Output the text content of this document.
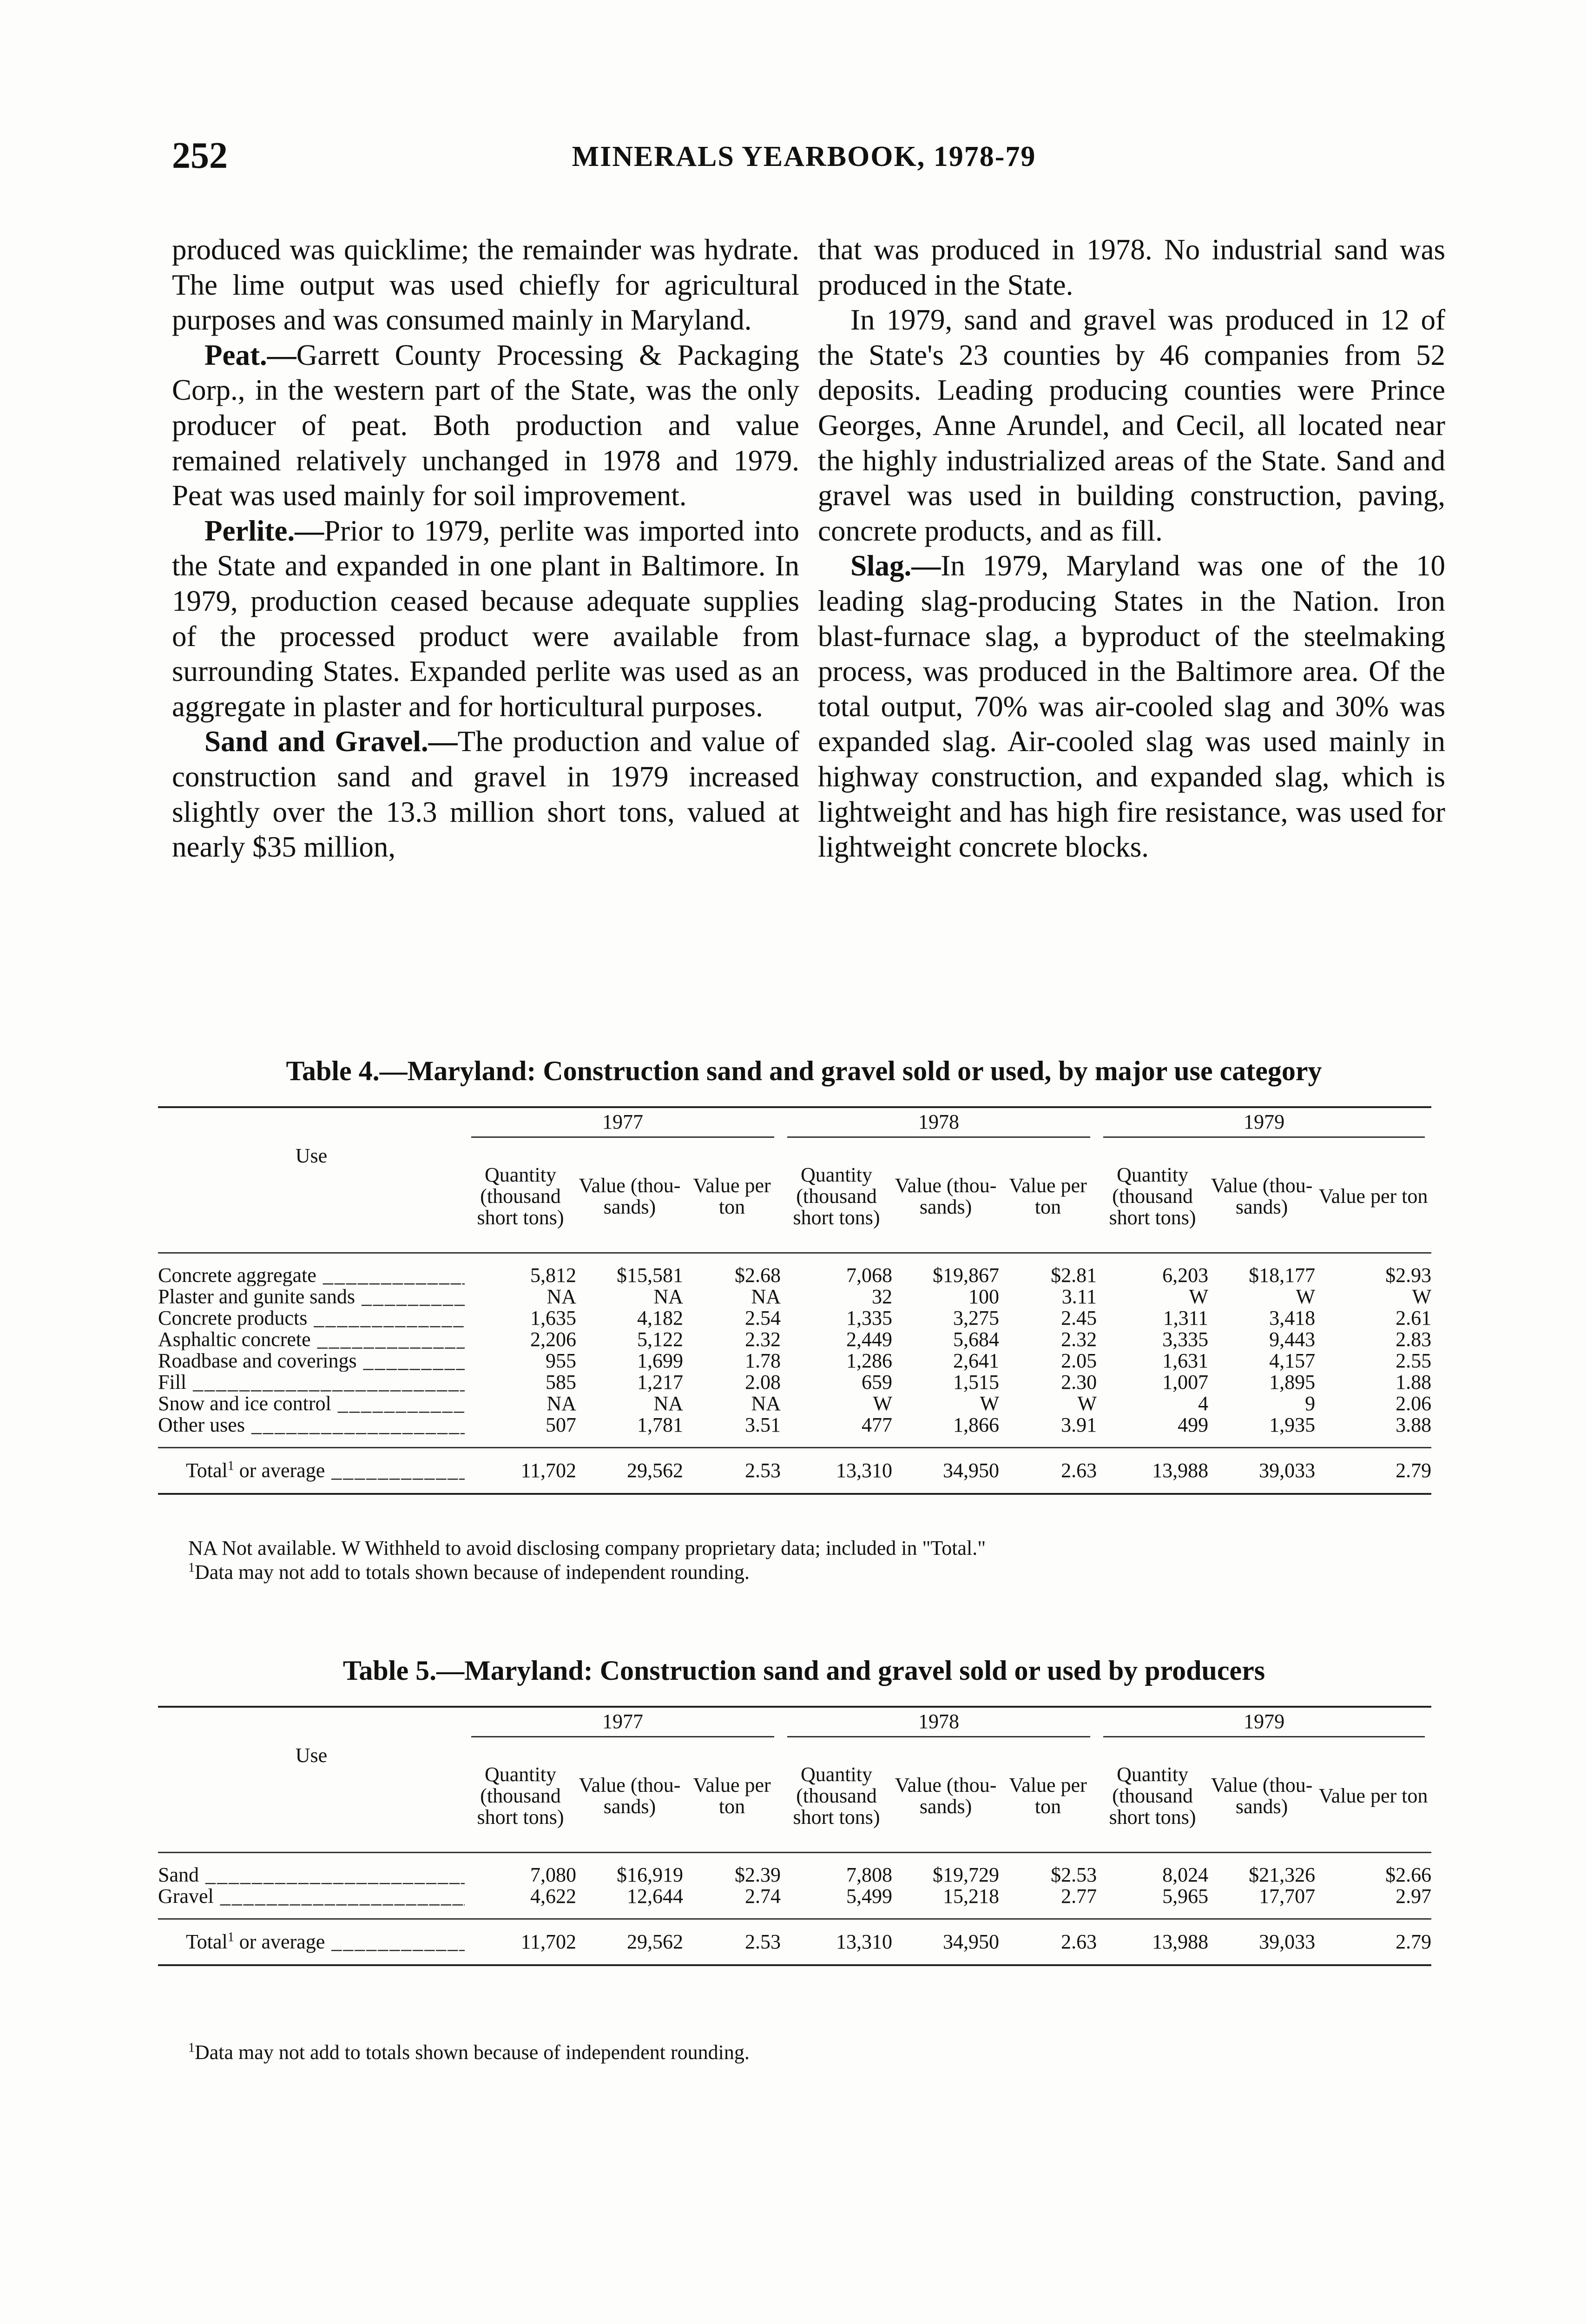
252	MINERALS YEARBOOK, 1978-79

produced was quicklime; the remainder was hydrate. The lime output was used chiefly for agricultural purposes and was consumed mainly in Maryland.

Peat.—Garrett County Processing & Packaging Corp., in the western part of the State, was the only producer of peat. Both production and value remained relatively unchanged in 1978 and 1979. Peat was used mainly for soil improvement.

Perlite.—Prior to 1979, perlite was imported into the State and expanded in one plant in Baltimore. In 1979, production ceased because adequate supplies of the processed product were available from surrounding States. Expanded perlite was used as an aggregate in plaster and for horticultural purposes.

Sand and Gravel.—The production and value of construction sand and gravel in 1979 increased slightly over the 13.3 million short tons, valued at nearly $35 million,

that was produced in 1978. No industrial sand was produced in the State.

In 1979, sand and gravel was produced in 12 of the State's 23 counties by 46 companies from 52 deposits. Leading producing counties were Prince Georges, Anne Arundel, and Cecil, all located near the highly industrialized areas of the State. Sand and gravel was used in building construction, paving, concrete products, and as fill.

Slag.—In 1979, Maryland was one of the 10 leading slag-producing States in the Nation. Iron blast-furnace slag, a byproduct of the steelmaking process, was produced in the Baltimore area. Of the total output, 70% was air-cooled slag and 30% was expanded slag. Air-cooled slag was used mainly in highway construction, and expanded slag, which is lightweight and has high fire resistance, was used for lightweight concrete blocks.

Table 4.—Maryland: Construction sand and gravel sold or used, by major use category

	1977			1978			1979		

Use	Quantity (thousand short tons)	Value (thou-sands)	Value per ton	Quantity (thousand short tons)	Value (thou-sands)	Value per ton	Quantity (thousand short tons)	Value (thou-sands)	Value per ton

Concrete aggregate _____	5,812	$15,581	$2.68	7,068	$19,867	$2.81	6,203	$18,177	$2.93
Plaster and gunite sands _____	NA	NA	NA	32	100	3.11	W	W	W
Concrete products _____	1,635	4,182	2.54	1,335	3,275	2.45	1,311	3,418	2.61
Asphaltic concrete _____	2,206	5,122	2.32	2,449	5,684	2.32	3,335	9,443	2.83
Roadbase and coverings _____	955	1,699	1.78	1,286	2,641	2.05	1,631	4,157	2.55
Fill _____	585	1,217	2.08	659	1,515	2.30	1,007	1,895	1.88
Snow and ice control _____	NA	NA	NA	W	W	W	4	9	2.06
Other uses _____	507	1,781	3.51	477	1,866	3.91	499	1,935	3.88

Total$^1$ or average _____	11,702	29,562	2.53	13,310	34,950	2.63	13,988	39,033	2.79

NA Not available. W Withheld to avoid disclosing company proprietary data; included in "Total."

$^1$Data may not add to totals shown because of independent rounding.

Table 5.—Maryland: Construction sand and gravel sold or used by producers

	1977			1978			1979		

Use	Quantity (thousand short tons)	Value (thou-sands)	Value per ton	Quantity (thousand short tons)	Value (thou-sands)	Value per ton	Quantity (thousand short tons)	Value (thou-sands)	Value per ton

Sand _____	7,080	$16,919	$2.39	7,808	$19,729	$2.53	8,024	$21,326	$2.66
Gravel _____	4,622	12,644	2.74	5,499	15,218	2.77	5,965	17,707	2.97

Total$^1$ or average _____	11,702	29,562	2.53	13,310	34,950	2.63	13,988	39,033	2.79

$^1$Data may not add to totals shown because of independent rounding.
